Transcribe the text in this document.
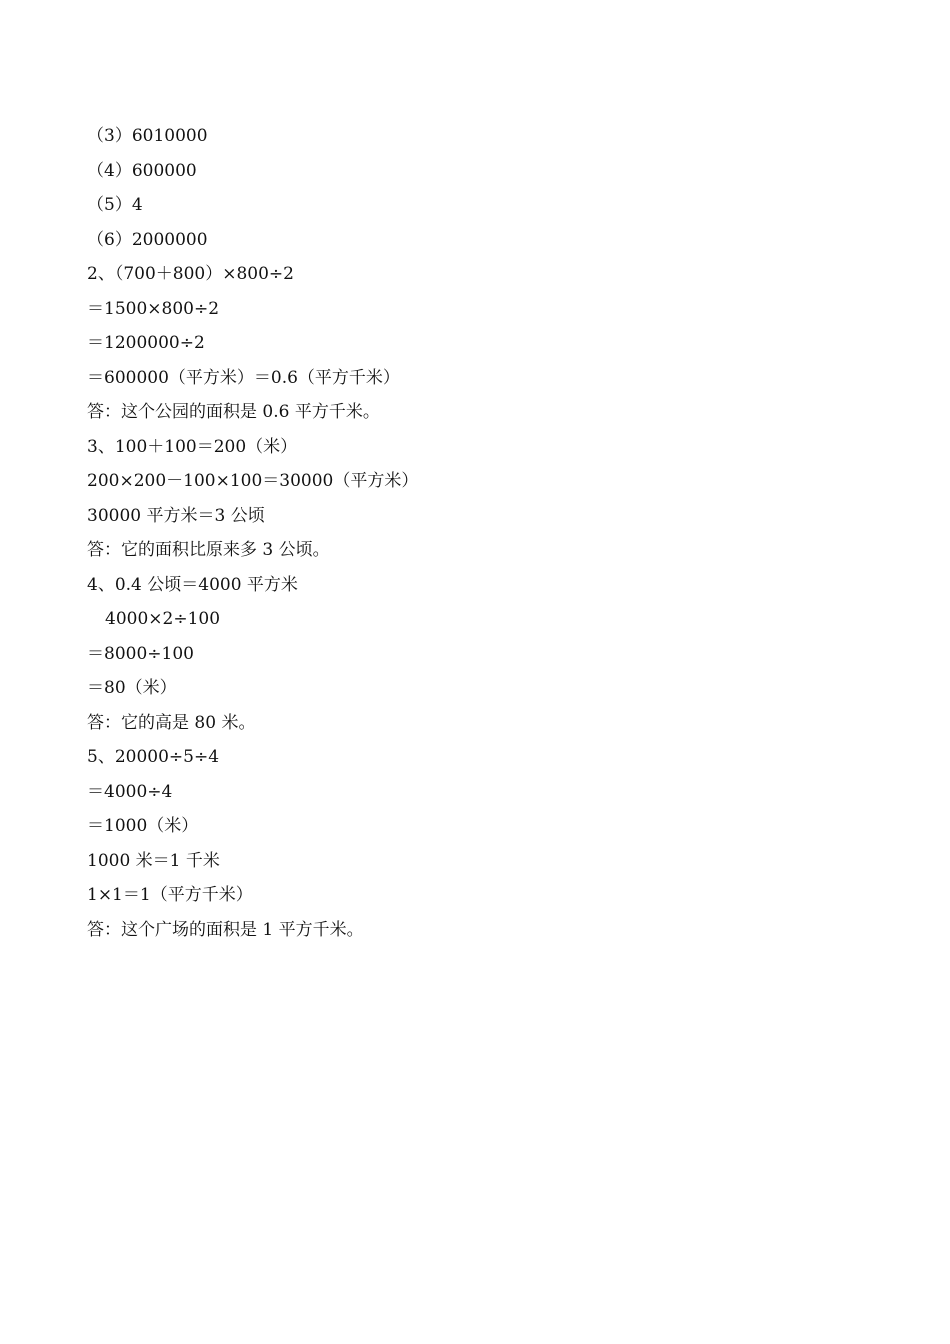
（3）6010000
（4）600000
（5）4
（6）2000000
2、（700＋800）×800÷2
＝1500×800÷2
＝1200000÷2
＝600000（平方米）＝0.6（平方千米）
答：这个公园的面积是 0.6 平方千米。
3、100＋100＝200（米）
200×200－100×100＝30000（平方米）
30000 平方米＝3 公顷
答：它的面积比原来多 3 公顷。
4、0.4 公顷＝4000 平方米
4000×2÷100
＝8000÷100
＝80（米）
答：它的高是 80 米。
5、20000÷5÷4
＝4000÷4
＝1000（米）
1000 米＝1 千米
1×1＝1（平方千米）
答：这个广场的面积是 1 平方千米。
